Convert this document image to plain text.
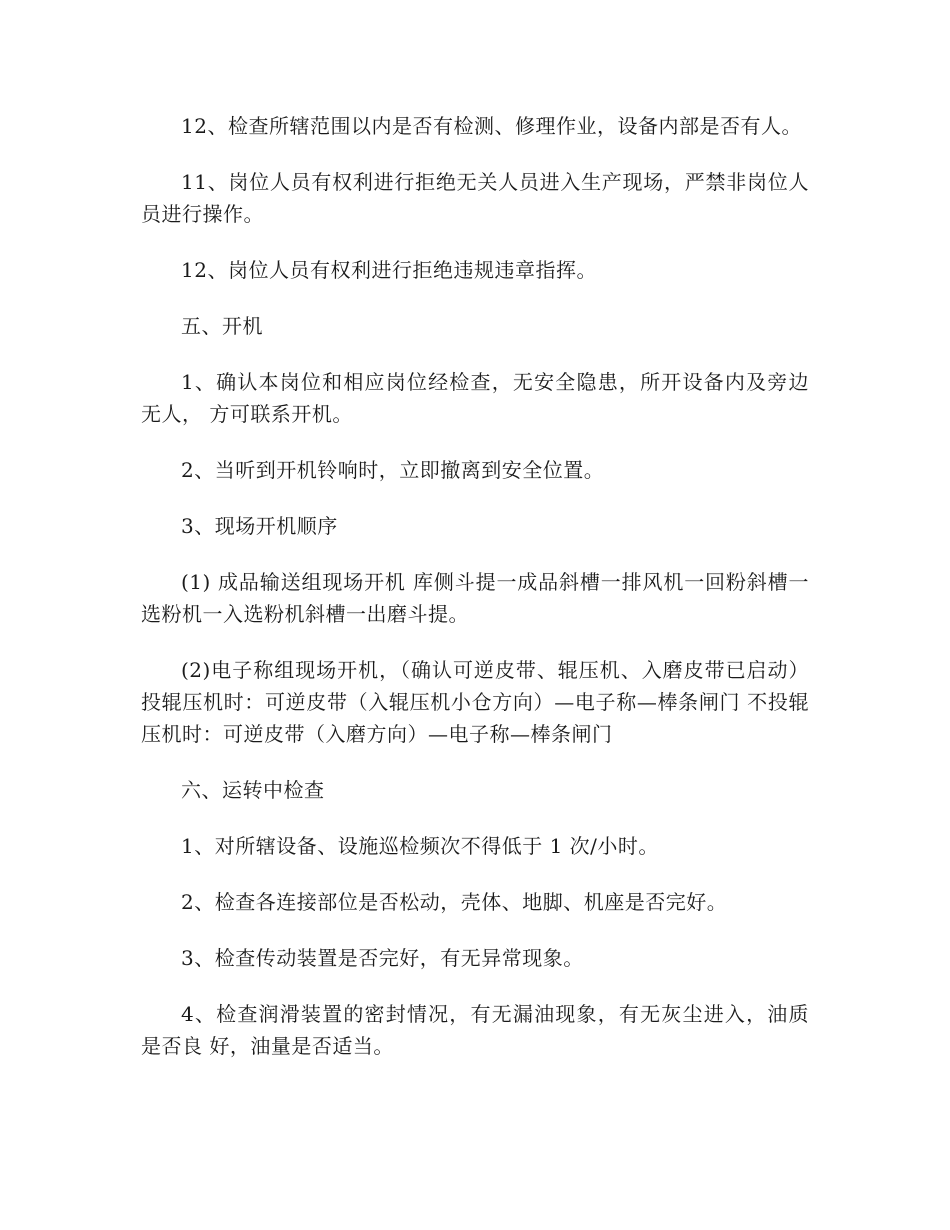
12、检查所辖范围以内是否有检测、修理作业，设备内部是否有人。

11、岗位人员有权利进行拒绝无关人员进入生产现场，严禁非岗位人员进行操作。

12、岗位人员有权利进行拒绝违规违章指挥。

五、开机

1、确认本岗位和相应岗位经检查，无安全隐患，所开设备内及旁边无人， 方可联系开机。

2、当听到开机铃响时，立即撤离到安全位置。

3、现场开机顺序

(1) 成品输送组现场开机 库侧斗提一成品斜槽一排风机一回粉斜槽一选粉机一入选粉机斜槽一出磨斗提。

(2)电子称组现场开机，（确认可逆皮带、辊压机、入磨皮带已启动） 投辊压机时：可逆皮带（入辊压机小仓方向）—电子称—棒条闸门 不投辊压机时：可逆皮带（入磨方向）—电子称—棒条闸门

六、运转中检查

1、对所辖设备、设施巡检频次不得低于 1 次/小时。

2、检查各连接部位是否松动，壳体、地脚、机座是否完好。

3、检查传动装置是否完好，有无异常现象。

4、检查润滑装置的密封情况，有无漏油现象，有无灰尘进入，油质是否良 好，油量是否适当。
